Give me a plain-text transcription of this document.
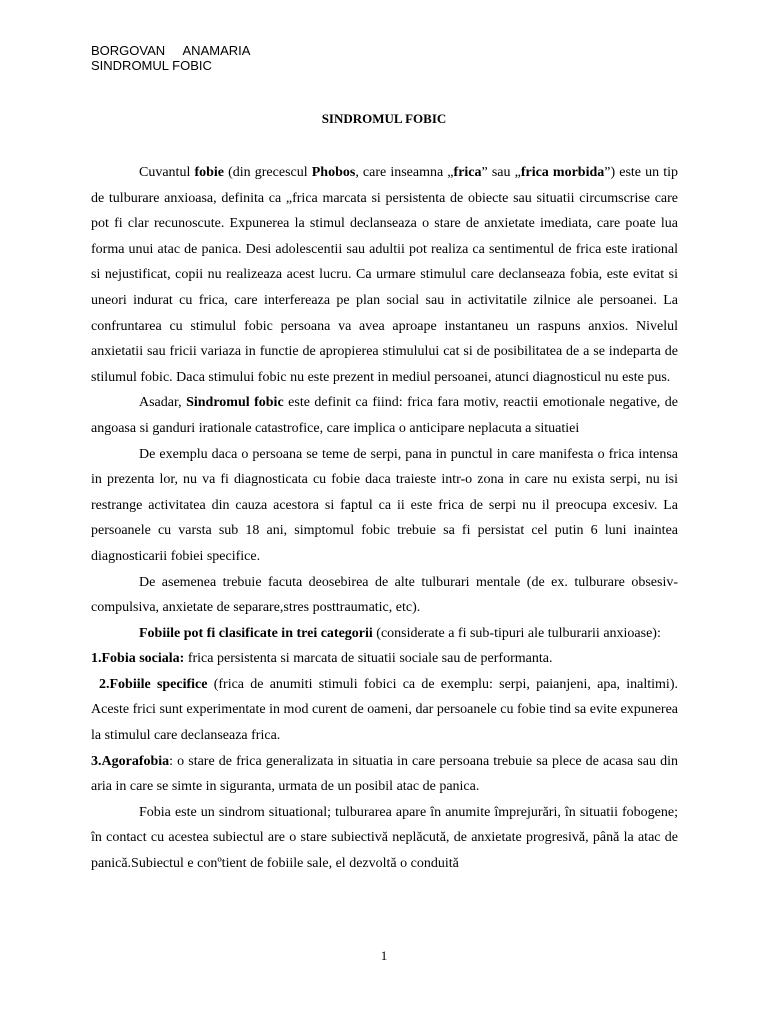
BORGOVAN ANAMARIA
SINDROMUL FOBIC
SINDROMUL FOBIC

Cuvantul fobie (din grecescul Phobos, care inseamna „frica” sau „frica morbida”) este un tip de tulburare anxioasa, definita ca „frica marcata si persistenta de obiecte sau situatii circumscrise care pot fi clar recunoscute. Expunerea la stimul declanseaza o stare de anxietate imediata, care poate lua forma unui atac de panica. Desi adolescentii sau adultii pot realiza ca sentimentul de frica este irational si nejustificat, copii nu realizeaza acest lucru. Ca urmare stimulul care declanseaza fobia, este evitat si uneori indurat cu frica, care interfereaza pe plan social sau in activitatile zilnice ale persoanei. La confruntarea cu stimulul fobic persoana va avea aproape instantaneu un raspuns anxios. Nivelul anxietatii sau fricii variaza in functie de apropierea stimulului cat si de posibilitatea de a se indeparta de stilumul fobic. Daca stimului fobic nu este prezent in mediul persoanei, atunci diagnosticul nu este pus.

Asadar, Sindromul fobic este definit ca fiind: frica fara motiv, reactii emotionale negative, de angoasa si ganduri irationale catastrofice, care implica o anticipare neplacuta a situatiei

De exemplu daca o persoana se teme de serpi, pana in punctul in care manifesta o frica intensa in prezenta lor, nu va fi diagnosticata cu fobie daca traieste intr-o zona in care nu exista serpi, nu isi restrange activitatea din cauza acestora si faptul ca ii este frica de serpi nu il preocupa excesiv. La persoanele cu varsta sub 18 ani, simptomul fobic trebuie sa fi persistat cel putin 6 luni inaintea diagnosticarii fobiei specifice.

De asemenea trebuie facuta deosebirea de alte tulburari mentale (de ex. tulburare obsesiv-compulsiva, anxietate de separare,stres posttraumatic, etc).

Fobiile pot fi clasificate in trei categorii (considerate a fi sub-tipuri ale tulburarii anxioase):

1.Fobia sociala: frica persistenta si marcata de situatii sociale sau de performanta.

2.Fobiile specifice (frica de anumiti stimuli fobici ca de exemplu: serpi, paianjeni, apa, inaltimi). Aceste frici sunt experimentate in mod curent de oameni, dar persoanele cu fobie tind sa evite expunerea la stimulul care declanseaza frica.

3.Agorafobia: o stare de frica generalizata in situatia in care persoana trebuie sa plece de acasa sau din aria in care se simte in siguranta, urmata de un posibil atac de panica.

Fobia este un sindrom situational; tulburarea apare în anumite împrejurări, în situatii fobogene; în contact cu acestea subiectul are o stare subiectivă neplăcută, de anxietate progresivă, până la atac de panică.Subiectul e conºtient de fobiile sale, el dezvoltă o conduită

1
